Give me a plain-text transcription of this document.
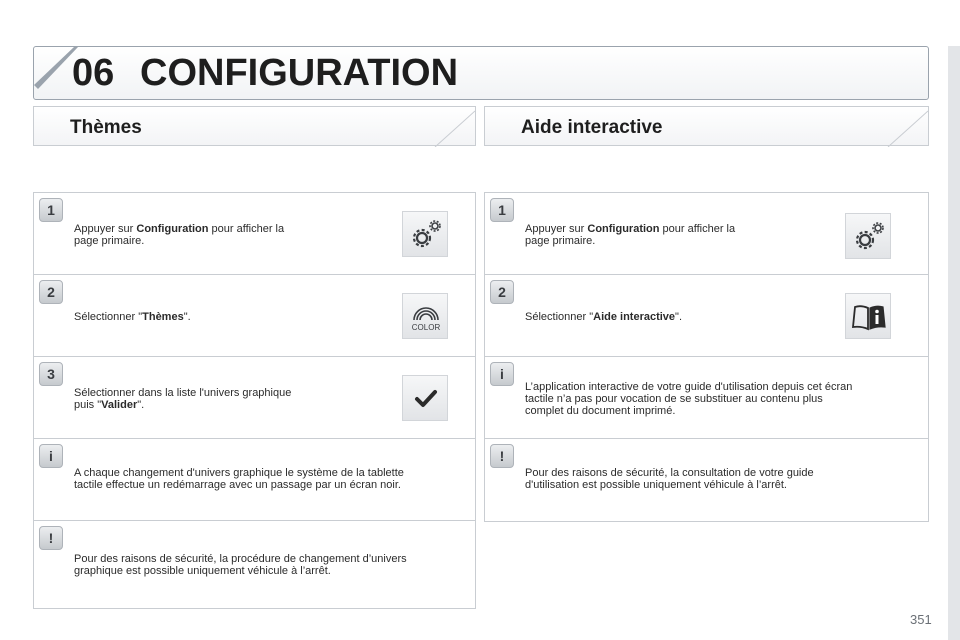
06 CONFIGURATION
Thèmes	Aide interactive
1
Appuyer sur Configuration pour afficher la
page primaire.
2
Sélectionner "Thèmes".
COLOR
3
Sélectionner dans la liste l'univers graphique
puis "Valider".
i
A chaque changement d'univers graphique le système de la tablette
tactile effectue un redémarrage avec un passage par un écran noir.
!
Pour des raisons de sécurité, la procédure de changement d’univers
graphique est possible uniquement véhicule à l’arrêt.
1
Appuyer sur Configuration pour afficher la
page primaire.
2
Sélectionner "Aide interactive".
i
L’application interactive de votre guide d'utilisation depuis cet écran
tactile n’a pas pour vocation de se substituer au contenu plus
complet du document imprimé.
!
Pour des raisons de sécurité, la consultation de votre guide
d'utilisation est possible uniquement véhicule à l’arrêt.
351
